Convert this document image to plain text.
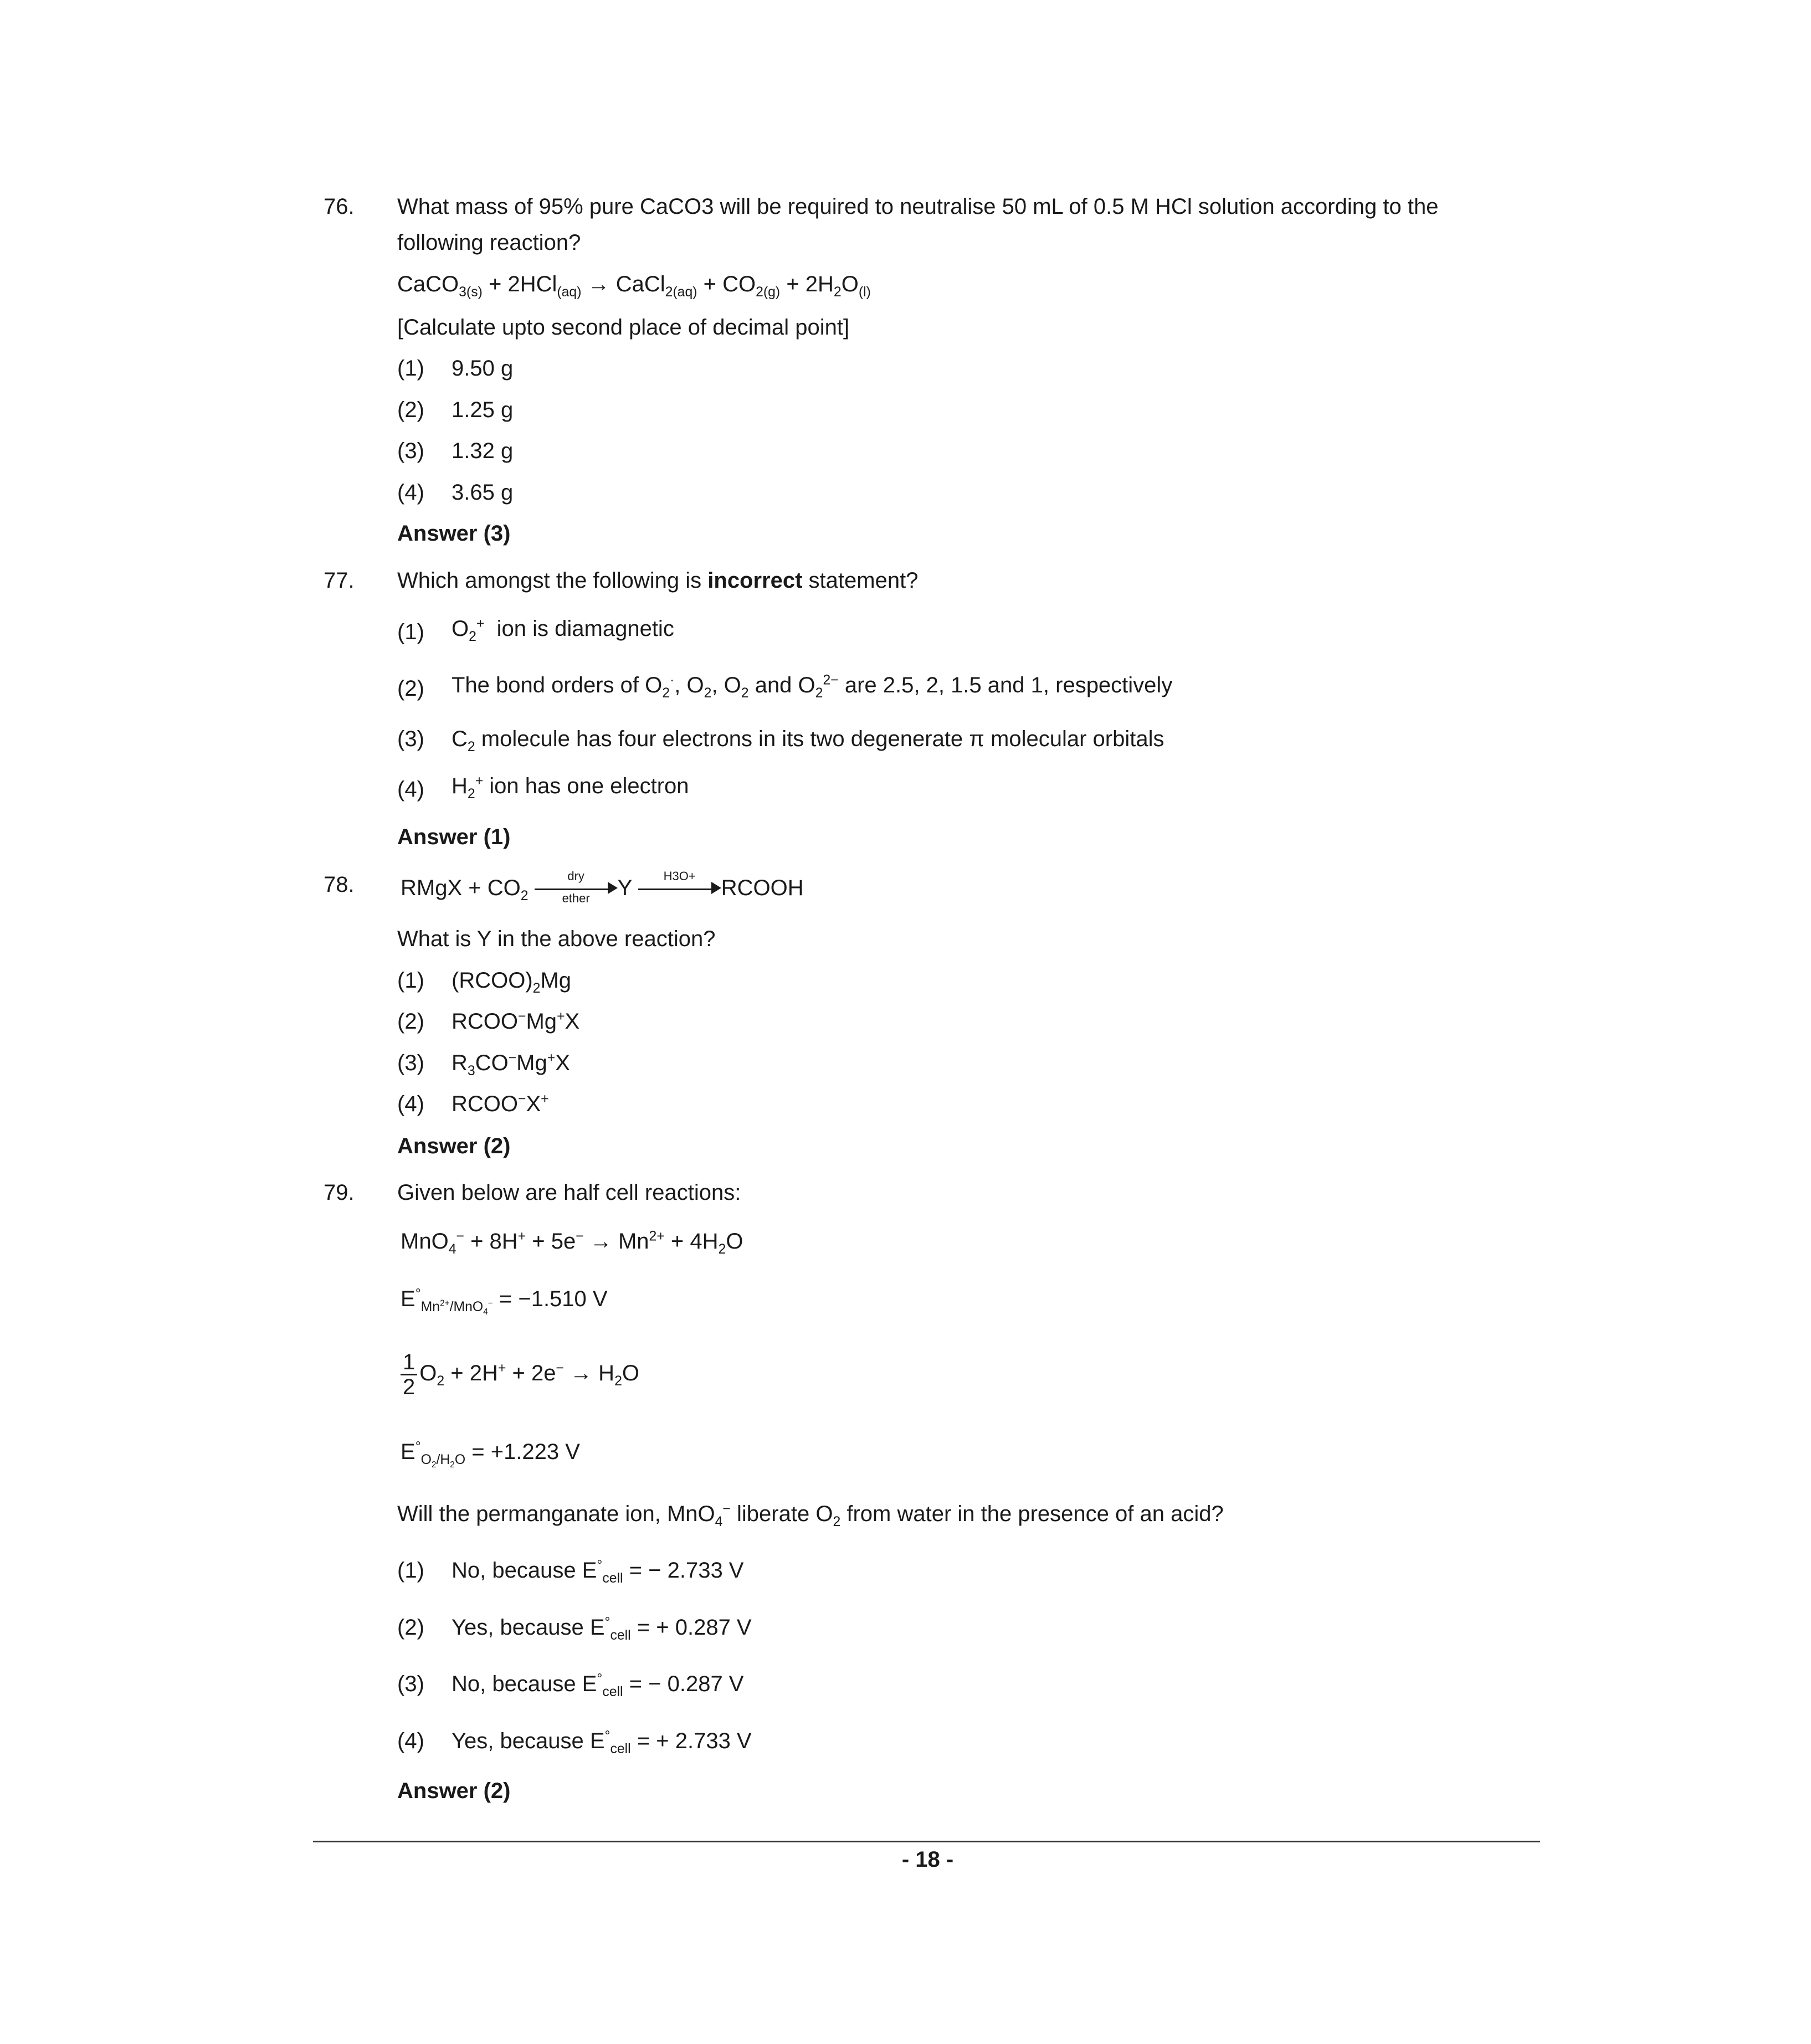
76. What mass of 95% pure CaCO3 will be required to neutralise 50 mL of 0.5 M HCl solution according to the
following reaction?
CaCO$_{3(s)}$ + 2HCl$_{(aq)}$ → CaCl$_{2(aq)}$ + $CO_{2(g)} + 2H_2O_{(l)}$
[Calculate upto second place of decimal point]
(1) 9.50 g
(2) 1.25 g
(3) 1.32 g
(4) 3.65 g
Answer (3)
77. Which amongst the following is incorrect statement?
(1) $O_2^+$  ion is diamagnetic
(2) The bond orders of $O_2^\cdot$, $O_2$, $O_2$ and $O_2^{2-}$ are 2.5, 2, 1.5 and 1, respectively
(3) $C_2$ molecule has four electrons in its two degenerate π molecular orbitals
(4) $H_2^+$ ion has one electron
Answer (1)
78. RMgX + $CO_2$
dry
ether	Y	H3O+	RCOOH
What is Y in the above reaction?
(1) $(RCOO)_2Mg$
(2) RCOO−Mg+X
(3) $R_3CO^-Mg^+X$
(4) RCOO−X+
Answer (2)
79. Given below are half cell reactions:
$MnO_4^- + 8H^+ + 5e^- \to Mn^{2+} + 4H_2O$
$E^\circ_{Mn^{2+}/MnO_4^-} = -1.510$ V
$\frac{1}{2} O_2 + 2H^+ + 2e^- \to H_2O$
$E^\circ_{O_2/H_2O} = +1.223$ V
Will the permanganate ion, MnO$_4$− liberate $O_2$ from water in the presence of an acid?
(1) No, because $E^\circ_{cell}$ = − 2.733 V
(2) Yes, because $E^\circ_{cell}$ = + 0.287 V
(3) No, because $E^\circ_{cell}$ = − 0.287 V
(4) Yes, because $E^\circ_{cell}$ = + 2.733 V
Answer (2)
- 18 -
